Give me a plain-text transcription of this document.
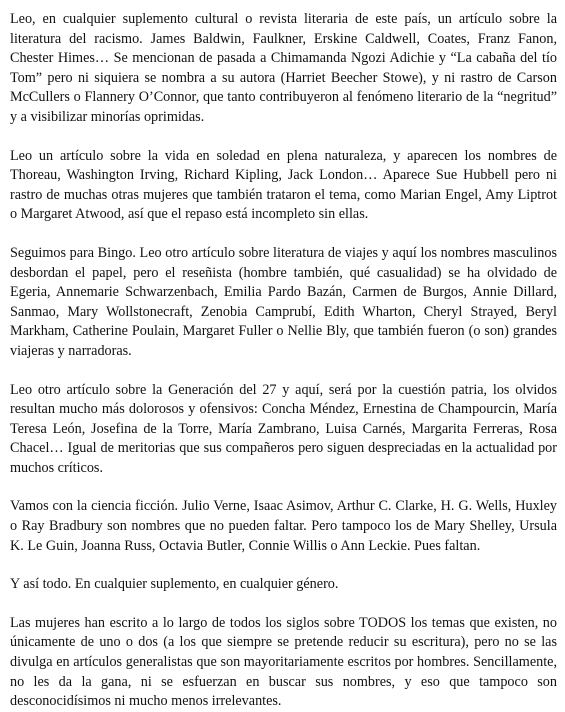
Leo, en cualquier suplemento cultural o revista literaria de este país, un artículo sobre la literatura del racismo. James Baldwin, Faulkner, Erskine Caldwell, Coates, Franz Fanon, Chester Himes… Se mencionan de pasada a Chimamanda Ngozi Adichie y “La cabaña del tío Tom” pero ni siquiera se nombra a su autora (Harriet Beecher Stowe), y ni rastro de Carson McCullers o Flannery O’Connor, que tanto contribuyeron al fenómeno literario de la “negritud” y a visibilizar minorías oprimidas.

Leo un artículo sobre la vida en soledad en plena naturaleza, y aparecen los nombres de Thoreau, Washington Irving, Richard Kipling, Jack London… Aparece Sue Hubbell pero ni rastro de muchas otras mujeres que también trataron el tema, como Marian Engel, Amy Liptrot o Margaret Atwood, así que el repaso está incompleto sin ellas.

Seguimos para Bingo. Leo otro artículo sobre literatura de viajes y aquí los nombres masculinos desbordan el papel, pero el reseñista (hombre también, qué casualidad) se ha olvidado de Egeria, Annemarie Schwarzenbach, Emilia Pardo Bazán, Carmen de Burgos, Annie Dillard, Sanmao, Mary Wollstonecraft, Zenobia Camprubí, Edith Wharton, Cheryl Strayed, Beryl Markham, Catherine Poulain, Margaret Fuller o Nellie Bly, que también fueron (o son) grandes viajeras y narradoras.

Leo otro artículo sobre la Generación del 27 y aquí, será por la cuestión patria, los olvidos resultan mucho más dolorosos y ofensivos: Concha Méndez, Ernestina de Champourcin, María Teresa León, Josefina de la Torre, María Zambrano, Luisa Carnés, Margarita Ferreras, Rosa Chacel… Igual de meritorias que sus compañeros pero siguen despreciadas en la actualidad por muchos críticos.

Vamos con la ciencia ficción. Julio Verne, Isaac Asimov, Arthur C. Clarke, H. G. Wells, Huxley o Ray Bradbury son nombres que no pueden faltar. Pero tampoco los de Mary Shelley, Ursula K. Le Guin, Joanna Russ, Octavia Butler, Connie Willis o Ann Leckie. Pues faltan.

Y así todo. En cualquier suplemento, en cualquier género.

Las mujeres han escrito a lo largo de todos los siglos sobre TODOS los temas que existen, no únicamente de uno o dos (a los que siempre se pretende reducir su escritura), pero no se las divulga en artículos generalistas que son mayoritariamente escritos por hombres. Sencillamente, no les da la gana, ni se esfuerzan en buscar sus nombres, y eso que tampoco son desconocidísimos ni mucho menos irrelevantes.
